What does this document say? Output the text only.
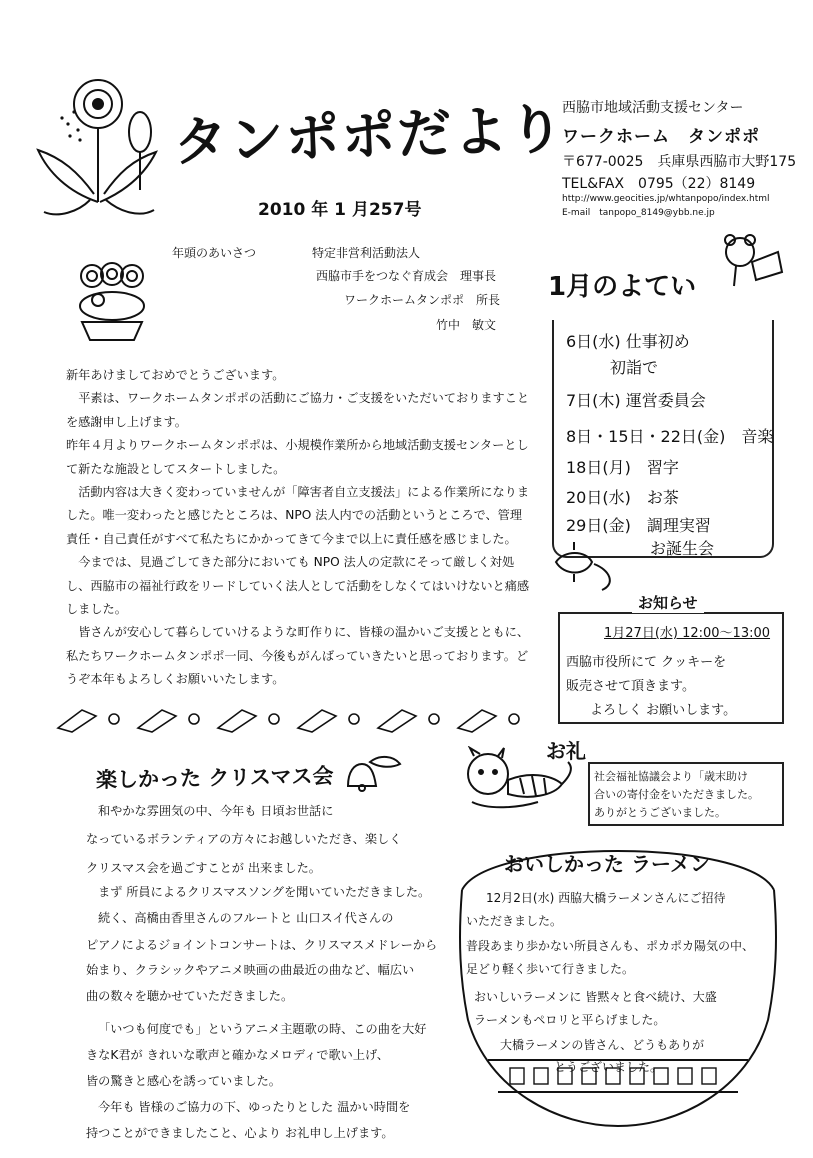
タンポポだより
2010 年 1 月257号
西脇市地域活動支援センター
ワークホーム　タンポポ
〒677-0025　兵庫県西脇市大野175
TEL&FAX　0795（22）8149
http://www.geocities.jp/whtanpopo/index.html
E-mail　tanpopo_8149@ybb.ne.jp
年頭のあいさつ	特定非営利活動法人
西脇市手をつなぐ育成会　理事長
ワークホームタンポポ　所長
竹中　敏文

新年あけましておめでとうございます。

平素は、ワークホームタンポポの活動にご協力・ご支援をいただいておりますことを感謝申し上げます。

昨年４月よりワークホームタンポポは、小規模作業所から地域活動支援センターとして新たな施設としてスタートしました。

活動内容は大きく変わっていませんが「障害者自立支援法」による作業所になりました。唯一変わったと感じたところは、NPO 法人内での活動というところで、管理責任・自己責任がすべて私たちにかかってきて今まで以上に責任感を感じました。

今までは、見過ごしてきた部分においても NPO 法人の定款にそって厳しく対処し、西脇市の福祉行政をリードしていく法人として活動をしなくてはいけないと痛感しました。

皆さんが安心して暮らしていけるような町作りに、皆様の温かいご支援とともに、私たちワークホームタンポポ一同、今後もがんばっていきたいと思っております。どうぞ本年もよろしくお願いいたします。

1月のよてい
6日(水) 仕事初め
初詣で
7日(木) 運営委員会
8日・15日・22日(金)　音楽
18日(月)　習字
20日(水)　お茶
29日(金)　調理実習
お誕生会
お知らせ
1月27日(水) 12:00〜13:00
西脇市役所にて クッキーを
販売させて頂きます。
よろしく お願いします。
お礼
社会福祉協議会より「歳末助け
合いの寄付金をいただきました。
ありがとうございました。
楽しかった クリスマス会
和やかな雰囲気の中、今年も 日頃お世話に
なっているボランティアの方々にお越しいただき、楽しく
クリスマス会を過ごすことが 出来ました。
まず 所員によるクリスマスソングを聞いていただきました。
続く、高橋由香里さんのフルートと 山口スイ代さんの
ピアノによるジョイントコンサートは、クリスマスメドレーから
始まり、クラシックやアニメ映画の曲最近の曲など、幅広い
曲の数々を聴かせていただきました。
「いつも何度でも」というアニメ主題歌の時、この曲を大好
きなK君が きれいな歌声と確かなメロディで歌い上げ、
皆の驚きと感心を誘っていました。
今年も 皆様のご協力の下、ゆったりとした 温かい時間を
持つことができましたこと、心より お礼申し上げます。
おいしかった ラーメン
12月2日(水) 西脇大橋ラーメンさんにご招待
いただきました。
普段あまり歩かない所員さんも、ポカポカ陽気の中、
足どり軽く歩いて行きました。
おいしいラーメンに 皆黙々と食べ続け、大盛
ラーメンもペロリと平らげました。
大橋ラーメンの皆さん、どうもありが
とうございました。
